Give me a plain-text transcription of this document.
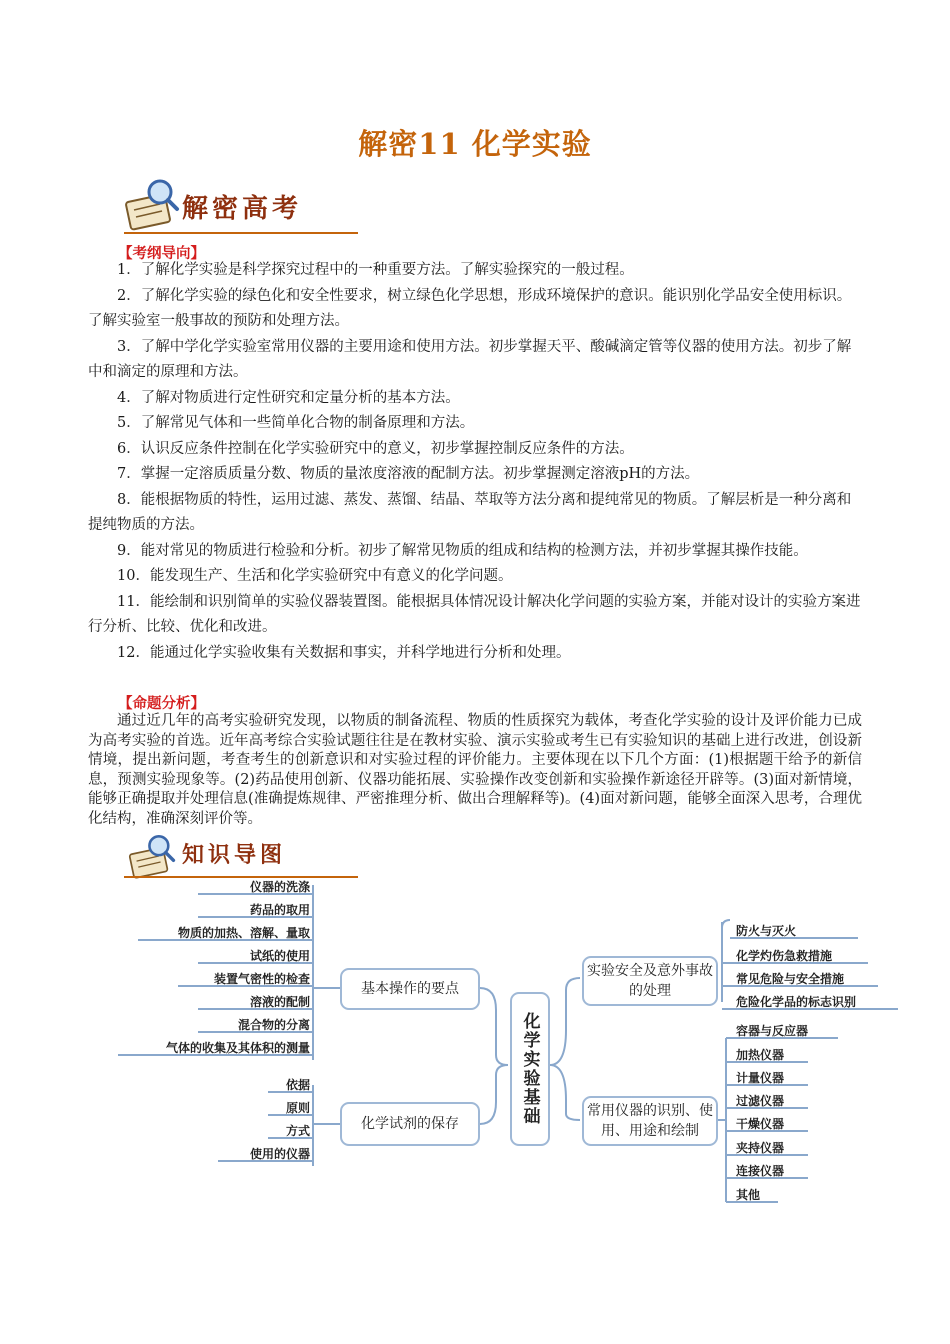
解密11 化学实验
解密高考
【考纲导向】

1．了解化学实验是科学探究过程中的一种重要方法。了解实验探究的一般过程。

2．了解化学实验的绿色化和安全性要求，树立绿色化学思想，形成环境保护的意识。能识别化学品安全使用标识。了解实验室一般事故的预防和处理方法。

3．了解中学化学实验室常用仪器的主要用途和使用方法。初步掌握天平、酸碱滴定管等仪器的使用方法。初步了解中和滴定的原理和方法。

4．了解对物质进行定性研究和定量分析的基本方法。

5．了解常见气体和一些简单化合物的制备原理和方法。

6．认识反应条件控制在化学实验研究中的意义，初步掌握控制反应条件的方法。

7．掌握一定溶质质量分数、物质的量浓度溶液的配制方法。初步掌握测定溶液pH的方法。

8．能根据物质的特性，运用过滤、蒸发、蒸馏、结晶、萃取等方法分离和提纯常见的物质。了解层析是一种分离和提纯物质的方法。

9．能对常见的物质进行检验和分析。初步了解常见物质的组成和结构的检测方法，并初步掌握其操作技能。

10．能发现生产、生活和化学实验研究中有意义的化学问题。

11．能绘制和识别简单的实验仪器装置图。能根据具体情况设计解决化学问题的实验方案，并能对设计的实验方案进行分析、比较、优化和改进。

12．能通过化学实验收集有关数据和事实，并科学地进行分析和处理。

【命题分析】
通过近几年的高考实验研究发现，以物质的制备流程、物质的性质探究为载体，考查化学实验的设计及评价能力已成为高考实验的首选。近年高考综合实验试题往往是在教材实验、演示实验或考生已有实验知识的基础上进行改进，创设新情境，提出新问题，考查考生的创新意识和对实验过程的评价能力。主要体现在以下几个方面：(1)根据题干给予的新信息，预测实验现象等。(2)药品使用创新、仪器功能拓展、实验操作改变创新和实验操作新途径开辟等。(3)面对新情境，能够正确提取并处理信息(准确提炼规律、严密推理分析、做出合理解释等)。(4)面对新问题，能够全面深入思考，合理优化结构，准确深刻评价等。
知识导图
仪器的洗涤
药品的取用
物质的加热、溶解、量取
试纸的使用
装置气密性的检查
溶液的配制
混合物的分离
气体的收集及其体积的测量
依据
原则
方式
使用的仪器
基本操作的要点
化学试剂的保存	化学实验基础
实验安全及意外事故的处理
常用仪器的识别、使用、用途和绘制
防火与灭火
化学灼伤急救措施
常见危险与安全措施
危险化学品的标志识别
容器与反应器
加热仪器
计量仪器
过滤仪器
干燥仪器
夹持仪器
连接仪器
其他
